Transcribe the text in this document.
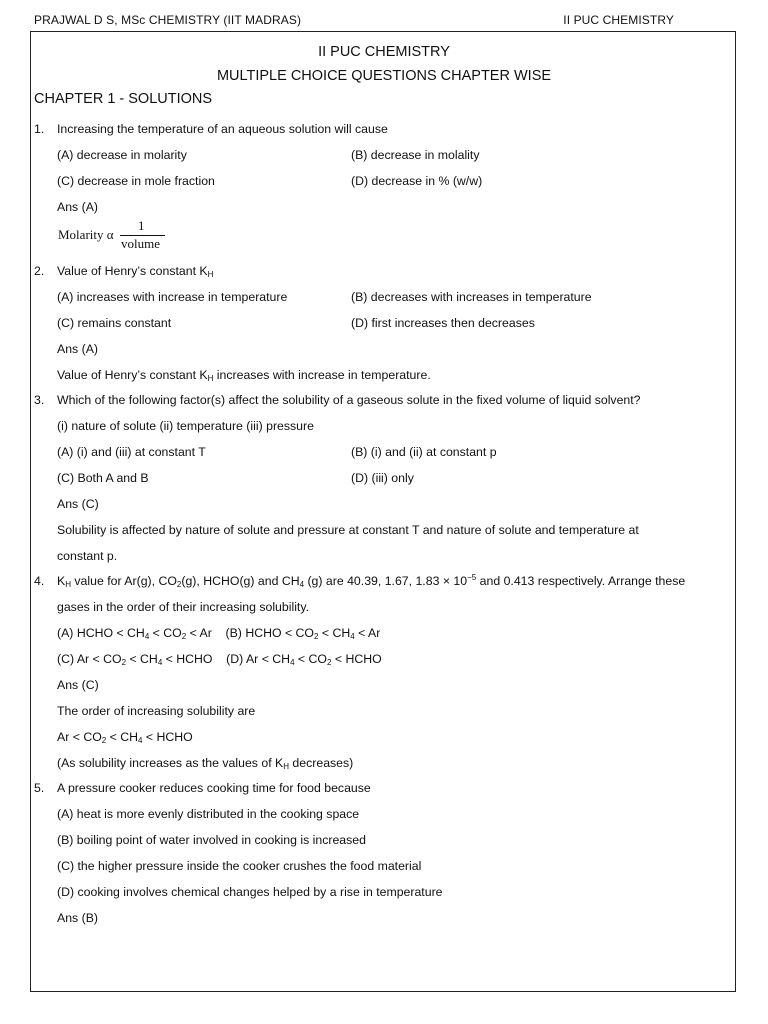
PRAJWAL D S, MSc CHEMISTRY (IIT MADRAS)	II PUC CHEMISTRY
II PUC CHEMISTRY
MULTIPLE CHOICE QUESTIONS CHAPTER WISE
CHAPTER 1 - SOLUTIONS
1. Increasing the temperature of an aqueous solution will cause
(A) decrease in molarity	(B) decrease in molality
(C) decrease in mole fraction	(D) decrease in % (w/w)
Ans (A)
Molarity α
1
volume
2. Value of Henry’s constant $K_H$
(A) increases with increase in temperature	(B) decreases with increases in temperature
(C) remains constant	(D) first increases then decreases
Ans (A)
Value of Henry’s constant $K_H$ increases with increase in temperature.
3. Which of the following factor(s) affect the solubility of a gaseous solute in the fixed volume of liquid solvent?
(i) nature of solute (ii) temperature (iii) pressure
(A) (i) and (iii) at constant T	(B) (i) and (ii) at constant p
(C) Both A and B	(D) (iii) only
Ans (C)
Solubility is affected by nature of solute and pressure at constant T and nature of solute and temperature at
constant p.
4. $K_H$ value for Ar(g), $CO_2(g)$, HCHO(g) and $CH_4$ (g) are 40.39, 1.67, $1.83 \times 10^{-5}$ and 0.413 respectively. Arrange these
gases in the order of their increasing solubility.
(A) HCHO < $CH_4 < CO_2 < Ar$ (B) HCHO < $CO_2 < CH_4 < Ar$
(C) $Ar < CO_2 < CH_4$ < HCHO (D) $Ar < CH_4 < CO_2$ < HCHO
Ans (C)
The order of increasing solubility are
$Ar < CO_2 < CH_4$ < HCHO
(As solubility increases as the values of $K_H$ decreases)
5. A pressure cooker reduces cooking time for food because
(A) heat is more evenly distributed in the cooking space
(B) boiling point of water involved in cooking is increased
(C) the higher pressure inside the cooker crushes the food material
(D) cooking involves chemical changes helped by a rise in temperature
Ans (B)
